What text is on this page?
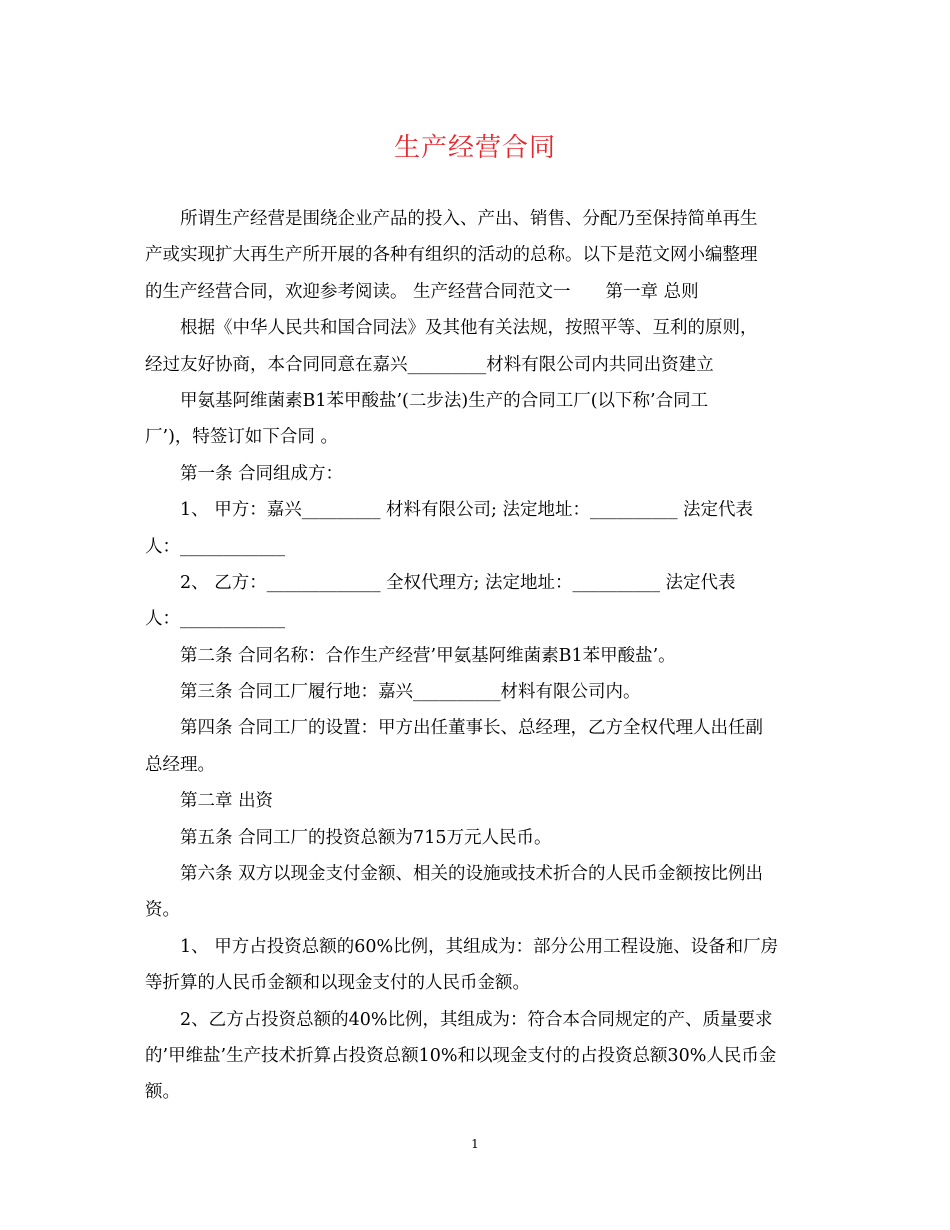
生产经营合同
所谓生产经营是围绕企业产品的投入、产出、销售、分配乃至保持简单再生
产或实现扩大再生产所开展的各种有组织的活动的总称。以下是范文网小编整理
的生产经营合同，欢迎参考阅读。 生产经营合同范文一　　第一章 总则
根据《中华人民共和国合同法》及其他有关法规，按照平等、互利的原则，
经过友好协商，本合同同意在嘉兴_________材料有限公司内共同出资建立
甲氨基阿维菌素B1苯甲酸盐’(二步法)生产的合同工厂(以下称’合同工
厂’)，特签订如下合同 。
第一条 合同组成方：
1、 甲方：嘉兴_________ 材料有限公司; 法定地址：__________ 法定代表
人：____________
2、 乙方：_____________ 全权代理方; 法定地址：__________ 法定代表
人：____________
第二条 合同名称：合作生产经营’甲氨基阿维菌素B1苯甲酸盐’。
第三条 合同工厂履行地：嘉兴__________材料有限公司内。
第四条 合同工厂的设置：甲方出任董事长、总经理，乙方全权代理人出任副
总经理。
第二章 出资
第五条 合同工厂的投资总额为715万元人民币。
第六条 双方以现金支付金额、相关的设施或技术折合的人民币金额按比例出
资。
1、 甲方占投资总额的60%比例，其组成为：部分公用工程设施、设备和厂房
等折算的人民币金额和以现金支付的人民币金额。
2、乙方占投资总额的40%比例，其组成为：符合本合同规定的产、质量要求
的’甲维盐’生产技术折算占投资总额10%和以现金支付的占投资总额30%人民币金
额。
1
